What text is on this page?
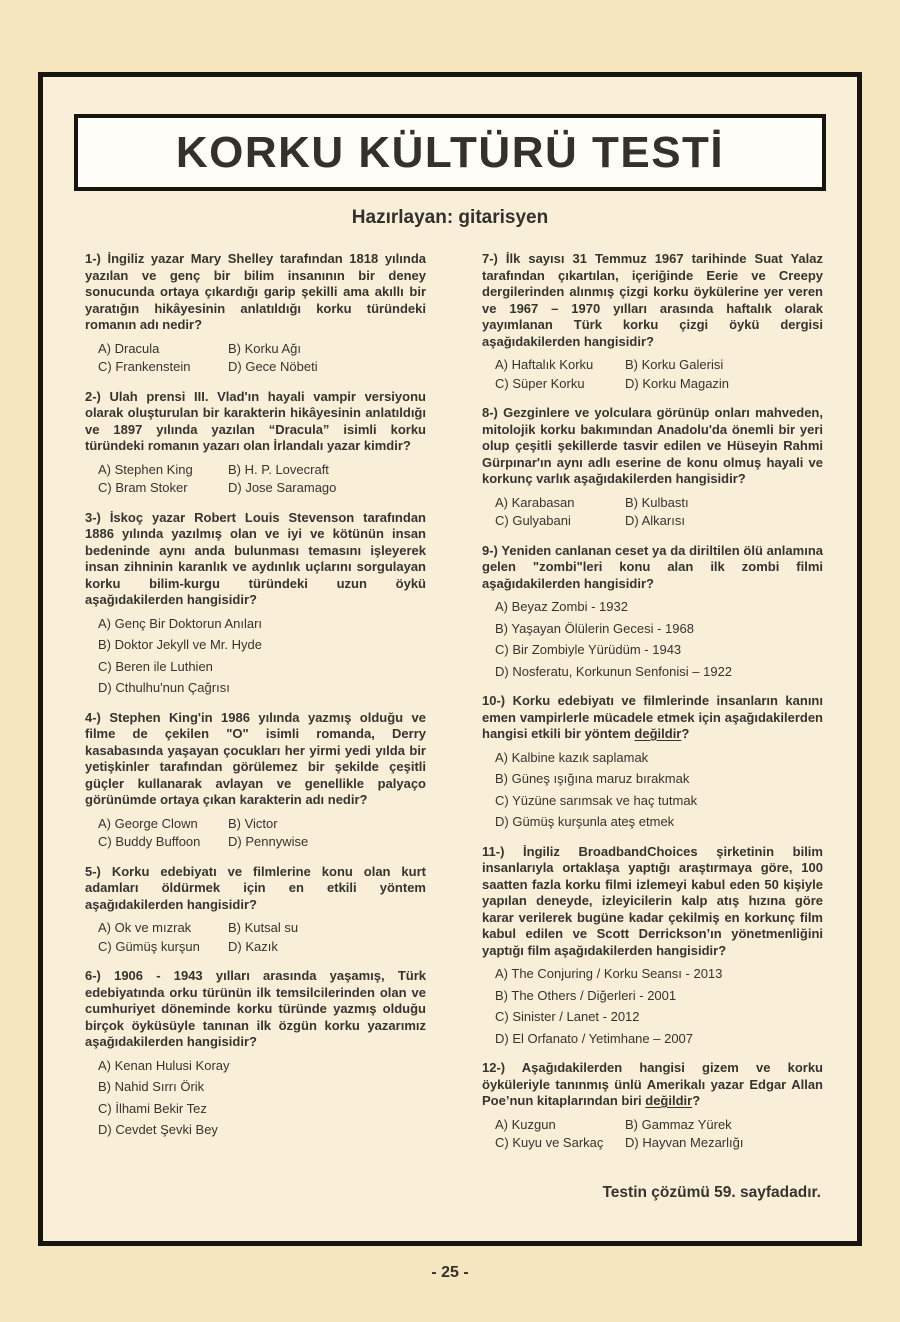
KORKU KÜLTÜRÜ TESTİ
Hazırlayan: gitarisyen

1-) İngiliz yazar Mary Shelley tarafından 1818 yılında yazılan ve genç bir bilim insanının bir deney sonucunda ortaya çıkardığı garip şekilli ama akıllı bir yaratığın hikâyesinin anlatıldığı korku türündeki romanın adı nedir?

A) Dracula	B) Korku Ağı
C) Frankenstein	D) Gece Nöbeti

2-) Ulah prensi III. Vlad'ın hayali vampir versiyonu olarak oluşturulan bir karakterin hikâyesinin anlatıldığı ve 1897 yılında yazılan “Dracula” isimli korku türündeki romanın yazarı olan İrlandalı yazar kimdir?

A) Stephen King	B) H. P. Lovecraft
C) Bram Stoker	D) Jose Saramago

3-) İskoç yazar Robert Louis Stevenson tarafından 1886 yılında yazılmış olan ve iyi ve kötünün insan bedeninde aynı anda bulunması temasını işleyerek insan zihninin karanlık ve aydınlık uçlarını sorgulayan korku bilim-kurgu türündeki uzun öykü aşağıdakilerden hangisidir?

A) Genç Bir Doktorun Anıları
B) Doktor Jekyll ve Mr. Hyde
C) Beren ile Luthien
D) Cthulhu'nun Çağrısı

4-) Stephen King'in 1986 yılında yazmış olduğu ve filme de çekilen "O" isimli romanda, Derry kasabasında yaşayan çocukları her yirmi yedi yılda bir yetişkinler tarafından görülemez bir şekilde çeşitli güçler kullanarak avlayan ve genellikle palyaço görünümde ortaya çıkan karakterin adı nedir?

A) George Clown	B) Victor
C) Buddy Buffoon	D) Pennywise

5-) Korku edebiyatı ve filmlerine konu olan kurt adamları öldürmek için en etkili yöntem aşağıdakilerden hangisidir?

A) Ok ve mızrak	B) Kutsal su
C) Gümüş kurşun	D) Kazık

6-) 1906 - 1943 yılları arasında yaşamış, Türk edebiyatında orku türünün ilk temsilcilerinden olan ve cumhuriyet döneminde korku türünde yazmış olduğu birçok öyküsüyle tanınan ilk özgün korku yazarımız aşağıdakilerden hangisidir?

A) Kenan Hulusi Koray
B) Nahid Sırrı Örik
C) İlhami Bekir Tez
D) Cevdet Şevki Bey

7-) İlk sayısı 31 Temmuz 1967 tarihinde Suat Yalaz tarafından çıkartılan, içeriğinde Eerie ve Creepy dergilerinden alınmış çizgi korku öykülerine yer veren ve 1967 – 1970 yılları arasında haftalık olarak yayımlanan Türk korku çizgi öykü dergisi aşağıdakilerden hangisidir?

A) Haftalık Korku	B) Korku Galerisi
C) Süper Korku	D) Korku Magazin

8-) Gezginlere ve yolculara görünüp onları mahveden, mitolojik korku bakımından Anadolu'da önemli bir yeri olup çeşitli şekillerde tasvir edilen ve Hüseyin Rahmi Gürpınar'ın aynı adlı eserine de konu olmuş hayali ve korkunç varlık aşağıdakilerden hangisidir?

A) Karabasan	B) Kulbastı
C) Gulyabani	D) Alkarısı

9-) Yeniden canlanan ceset ya da diriltilen ölü anlamına gelen "zombi"leri konu alan ilk zombi filmi aşağıdakilerden hangisidir?

A) Beyaz Zombi - 1932
B) Yaşayan Ölülerin Gecesi - 1968
C) Bir Zombiyle Yürüdüm - 1943
D) Nosferatu, Korkunun Senfonisi – 1922

10-) Korku edebiyatı ve filmlerinde insanların kanını emen vampirlerle mücadele etmek için aşağıdakilerden hangisi etkili bir yöntem değildir?

A) Kalbine kazık saplamak
B) Güneş ışığına maruz bırakmak
C) Yüzüne sarımsak ve haç tutmak
D) Gümüş kurşunla ateş etmek

11-) İngiliz BroadbandChoices şirketinin bilim insanlarıyla ortaklaşa yaptığı araştırmaya göre, 100 saatten fazla korku filmi izlemeyi kabul eden 50 kişiyle yapılan deneyde, izleyicilerin kalp atış hızına göre karar verilerek bugüne kadar çekilmiş en korkunç film kabul edilen ve Scott Derrickson’ın yönetmenliğini yaptığı film aşağıdakilerden hangisidir?

A) The Conjuring / Korku Seansı - 2013
B) The Others / Diğerleri - 2001
C) Sinister / Lanet - 2012
D) El Orfanato / Yetimhane – 2007

12-) Aşağıdakilerden hangisi gizem ve korku öyküleriyle tanınmış ünlü Amerikalı yazar Edgar Allan Poe’nun kitaplarından biri değildir?

A) Kuzgun	B) Gammaz Yürek
C) Kuyu ve Sarkaç	D) Hayvan Mezarlığı
Testin çözümü 59. sayfadadır.
- 25 -
